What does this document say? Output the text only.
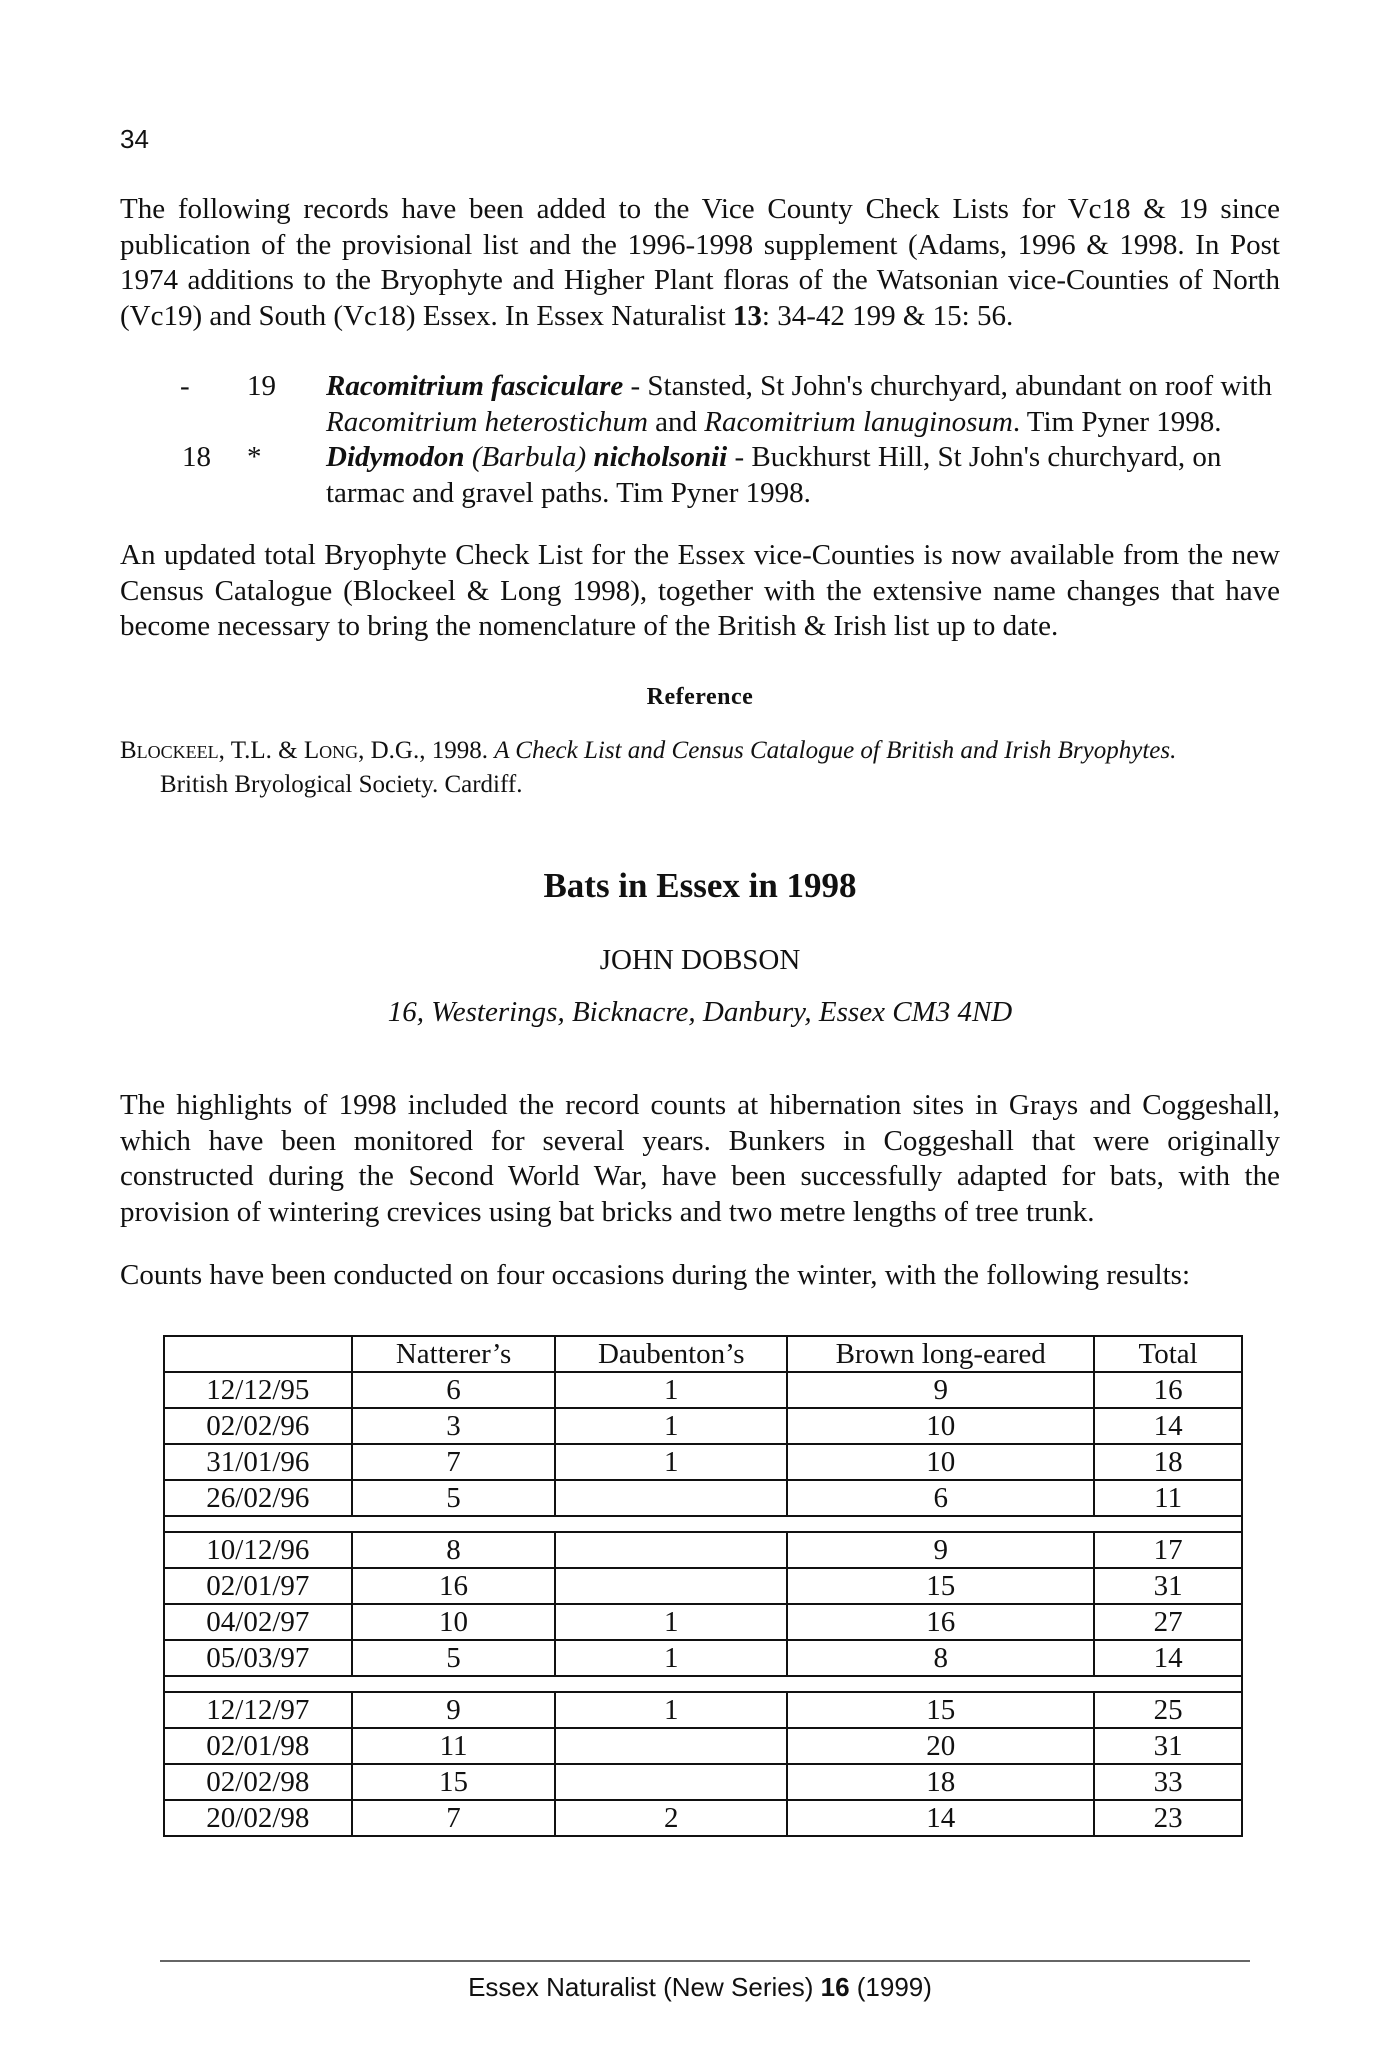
34

The following records have been added to the Vice County Check Lists for Vc18 & 19 since publication of the provisional list and the 1996-1998 supplement (Adams, 1996 & 1998. In Post 1974 additions to the Bryophyte and Higher Plant floras of the Watsonian vice-Counties of North (Vc19) and South (Vc18) Essex. In Essex Naturalist 13: 34-42 199 & 15: 56.

-	19	Racomitrium fasciculare - Stansted, St John's churchyard, abundant on roof with Racomitrium heterostichum and Racomitrium lanuginosum. Tim Pyner 1998.
18	*	Didymodon (Barbula) nicholsonii - Buckhurst Hill, St John's churchyard, on tarmac and gravel paths. Tim Pyner 1998.

An updated total Bryophyte Check List for the Essex vice-Counties is now available from the new Census Catalogue (Blockeel & Long 1998), together with the extensive name changes that have become necessary to bring the nomenclature of the British & Irish list up to date.

Reference
Blockeel, T.L. & Long, D.G., 1998. A Check List and Census Catalogue of British and Irish Bryophytes.
British Bryological Society. Cardiff.
Bats in Essex in 1998
JOHN DOBSON
16, Westerings, Bicknacre, Danbury, Essex CM3 4ND

The highlights of 1998 included the record counts at hibernation sites in Grays and Coggeshall, which have been monitored for several years. Bunkers in Coggeshall that were originally constructed during the Second World War, have been successfully adapted for bats, with the provision of wintering crevices using bat bricks and two metre lengths of tree trunk.

Counts have been conducted on four occasions during the winter, with the following results:

	Natterer’s	Daubenton’s	Brown long-eared	Total
12/12/95	6	1	9	16
02/02/96	3	1	10	14
31/01/96	7	1	10	18
26/02/96	5		6	11

10/12/96	8		9	17
02/01/97	16		15	31
04/02/97	10	1	16	27
05/03/97	5	1	8	14

12/12/97	9	1	15	25
02/01/98	11		20	31
02/02/98	15		18	33
20/02/98	7	2	14	23
Essex Naturalist (New Series) 16 (1999)
